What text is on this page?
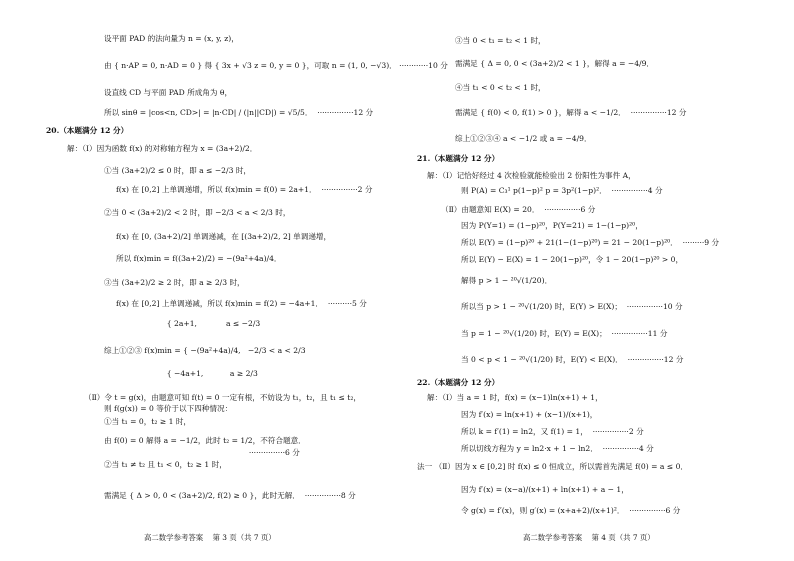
设平面 PAD 的法向量为 n = (x, y, z)，
由 { n·AP = 0, n·AD = 0 } 得 { 3x + √3 z = 0, y = 0 }，可取 n = (1, 0, −√3)． ············10 分
设直线 CD 与平面 PAD 所成角为 θ，
所以 sinθ = |cos<n, CD>| = |n·CD| / (|n||CD|) = √5/5．  ···············12 分
20.（本题满分 12 分）
解：（Ⅰ）因为函数 f(x) 的对称轴方程为 x = (3a+2)/2．
①当 (3a+2)/2 ≤ 0 时，即 a ≤ −2/3 时，
f(x) 在 [0,2] 上单调递增，所以 f(x)min = f(0) = 2a+1．  ···············2 分
②当 0 < (3a+2)/2 < 2 时，即 −2/3 < a < 2/3 时，
f(x) 在 [0, (3a+2)/2] 单调递减，在 [(3a+2)/2, 2] 单调递增，
所以 f(x)min = f((3a+2)/2) = −(9a²+4a)/4．
③当 (3a+2)/2 ≥ 2 时，即 a ≥ 2/3 时，
f(x) 在 [0,2] 上单调递减，所以 f(x)min = f(2) = −4a+1．  ··········5 分
{ 2a+1,            a ≤ −2/3
综上①②③ f(x)min = { −(9a²+4a)/4,   −2/3 < a < 2/3
{ −4a+1,           a ≥ 2/3
（Ⅱ）令 t = g(x)，由题意可知 f(t) = 0 一定有根，不妨设为 t₁，t₂，且 t₁ ≤ t₂，
则 f(g(x)) = 0 等价于以下四种情况：
①当 t₁ = 0，t₂ ≥ 1 时，
由 f(0) = 0 解得 a = −1/2，此时 t₂ = 1/2，不符合题意．
···············6 分
②当 t₁ ≠ t₂ 且 t₁ < 0，t₂ ≥ 1 时，
需满足 { Δ > 0, 0 < (3a+2)/2, f(2) ≥ 0 }，此时无解．  ···············8 分
高二数学参考答案    第 3 页（共 7 页）
③当 0 < t₁ = t₂ < 1 时，
需满足 { Δ = 0, 0 < (3a+2)/2 < 1 }，解得 a = −4/9．
④当 t₁ < 0 < t₂ < 1 时，
需满足 { f(0) < 0, f(1) > 0 }，解得 a < −1/2．  ···············12 分
综上①②③④ a < −1/2 或 a = −4/9．
21.（本题满分 12 分）
解：（Ⅰ）记恰好经过 4 次检验就能检验出 2 份阳性为事件 A，
则 P(A) = C₃¹ p(1−p)² p = 3p²(1−p)²．  ···············4 分
（Ⅱ）由题意知 E(X) = 20．  ···············6 分
因为 P(Y=1) = (1−p)²⁰，P(Y=21) = 1−(1−p)²⁰，
所以 E(Y) = (1−p)²⁰ + 21(1−(1−p)²⁰) = 21 − 20(1−p)²⁰．  ·········9 分
所以 E(Y) − E(X) = 1 − 20(1−p)²⁰，令 1 − 20(1−p)²⁰ > 0，
解得 p > 1 − ²⁰√(1/20)．
所以当 p > 1 − ²⁰√(1/20) 时，E(Y) > E(X)；  ···············10 分
当 p = 1 − ²⁰√(1/20) 时，E(Y) = E(X)；  ···············11 分
当 0 < p < 1 − ²⁰√(1/20) 时，E(Y) < E(X)．  ···············12 分
22.（本题满分 12 分）
解：（Ⅰ）当 a = 1 时，f(x) = (x−1)ln(x+1) + 1，
因为 f′(x) = ln(x+1) + (x−1)/(x+1)，
所以 k = f′(1) = ln2，又 f(1) = 1，  ···············2 分
所以切线方程为 y = ln2·x + 1 − ln2．  ···············4 分
法一 （Ⅱ）因为 x ∈ [0,2] 时 f(x) ≤ 0 恒成立，所以需首先满足 f(0) = a ≤ 0．
因为 f′(x) = (x−a)/(x+1) + ln(x+1) + a − 1，
令 g(x) = f′(x)，则 g′(x) = (x+a+2)/(x+1)²．  ···············6 分
高二数学参考答案    第 4 页（共 7 页）
